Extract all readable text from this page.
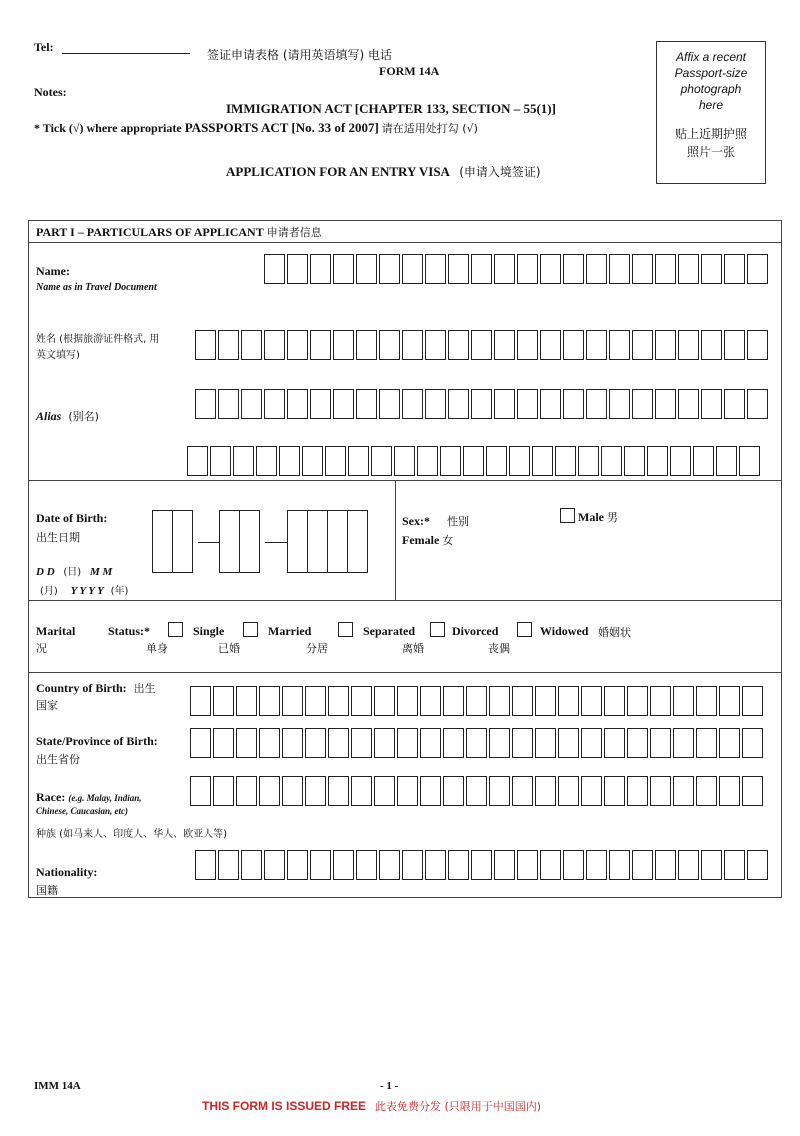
Tel:
签证申请表格 (请用英语填写) 电话
FORM 14A
Notes:
IMMIGRATION ACT [CHAPTER 133, SECTION – 55(1)]
* Tick (√) where appropriate PASSPORTS ACT [No. 33 of 2007] 请在适用处打勾 (√)
APPLICATION FOR AN ENTRY VISA (申请入境签证)
Affix a recent
Passport-size
photograph
here
贴上近期护照
照片一张
PART I – PARTICULARS OF APPLICANT 申请者信息
Name:
Name as in Travel Document
姓名 (根据旅游证件格式, 用
英文填写)
Alias (别名)
Date of Birth:
出生日期
D D (日) M M
(月) Y Y Y Y (年)
Sex:* 性别	Male 男
Female 女
Marital
况
Status:*	Single
单身
Married
已婚
Separated
分居
Divorced
离婚
Widowed 婚姻状
丧偶
Country of Birth: 出生
国家
State/Province of Birth:
出生省份
Race: (e.g. Malay, Indian,
Chinese, Caucasian, etc)
种族 (如马来人、印度人、华人、欧亚人等)
Nationality:
国籍
IMM 14A	- 1 -
THIS FORM IS ISSUED FREE 此表免费分发 (只限用于中国国内)
